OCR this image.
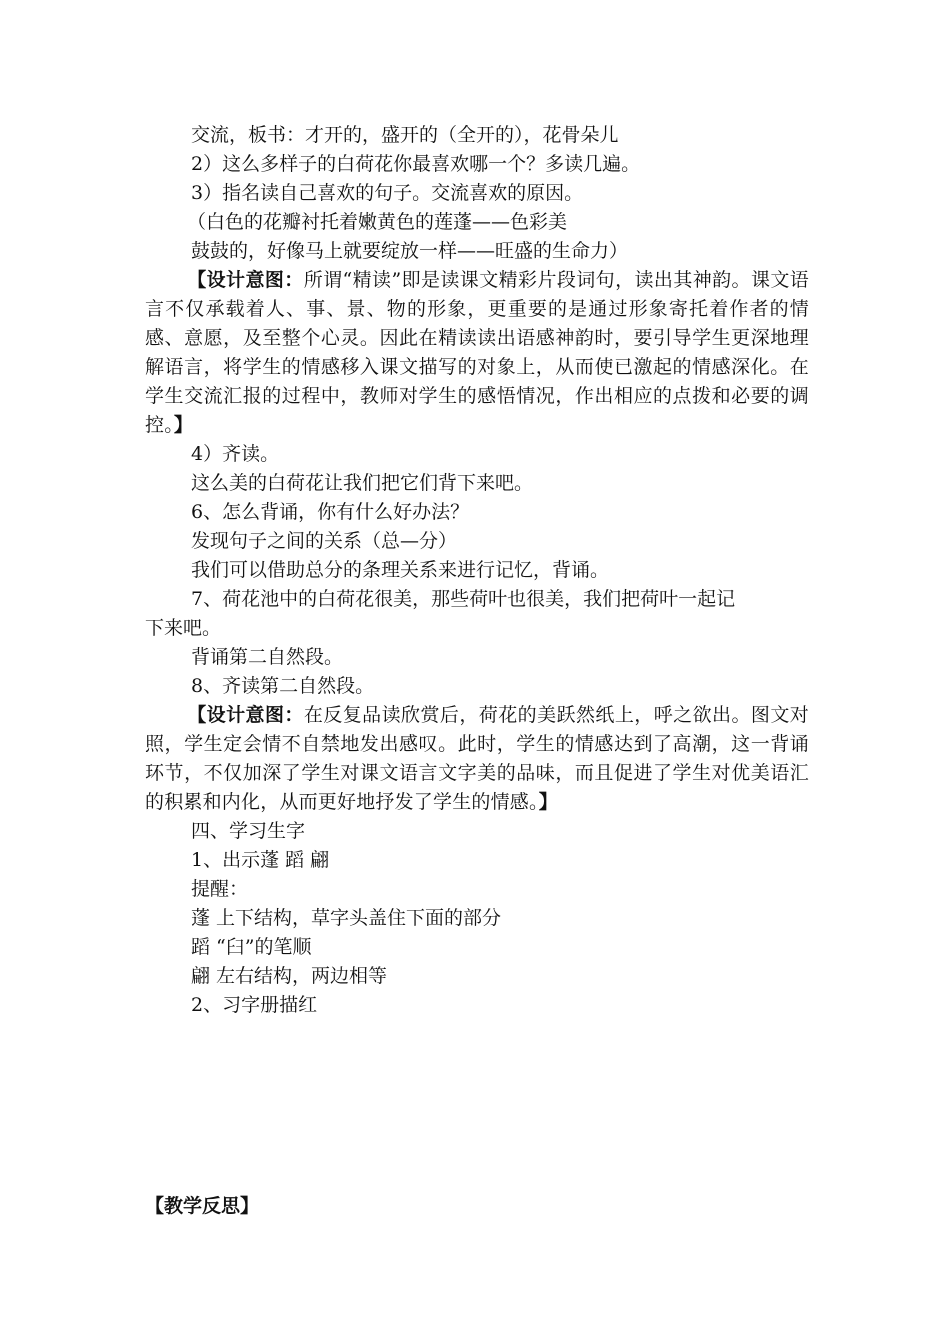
交流，板书：才开的，盛开的（全开的），花骨朵儿
2）这么多样子的白荷花你最喜欢哪一个？多读几遍。
3）指名读自己喜欢的句子。交流喜欢的原因。
（白色的花瓣衬托着嫩黄色的莲蓬——色彩美
鼓鼓的，好像马上就要绽放一样——旺盛的生命力）
【设计意图：所谓“精读”即是读课文精彩片段词句，读出其神韵。课文语言不仅承载着人、事、景、物的形象，更重要的是通过形象寄托着作者的情感、意愿，及至整个心灵。因此在精读读出语感神韵时，要引导学生更深地理解语言，将学生的情感移入课文描写的对象上，从而使已激起的情感深化。在学生交流汇报的过程中，教师对学生的感悟情况，作出相应的点拨和必要的调控。】
4）齐读。
这么美的白荷花让我们把它们背下来吧。
6、怎么背诵，你有什么好办法？
发现句子之间的关系（总—分）
我们可以借助总分的条理关系来进行记忆，背诵。
7、荷花池中的白荷花很美，那些荷叶也很美，我们把荷叶一起记
下来吧。
背诵第二自然段。
8、齐读第二自然段。
【设计意图：在反复品读欣赏后，荷花的美跃然纸上，呼之欲出。图文对照，学生定会情不自禁地发出感叹。此时，学生的情感达到了高潮，这一背诵环节，不仅加深了学生对课文语言文字美的品味，而且促进了学生对优美语汇的积累和内化，从而更好地抒发了学生的情感。】
四、学习生字
1、出示蓬 蹈 翩
提醒：
蓬 上下结构，草字头盖住下面的部分
蹈 “臼”的笔顺
翩 左右结构，两边相等
2、习字册描红
【教学反思】
